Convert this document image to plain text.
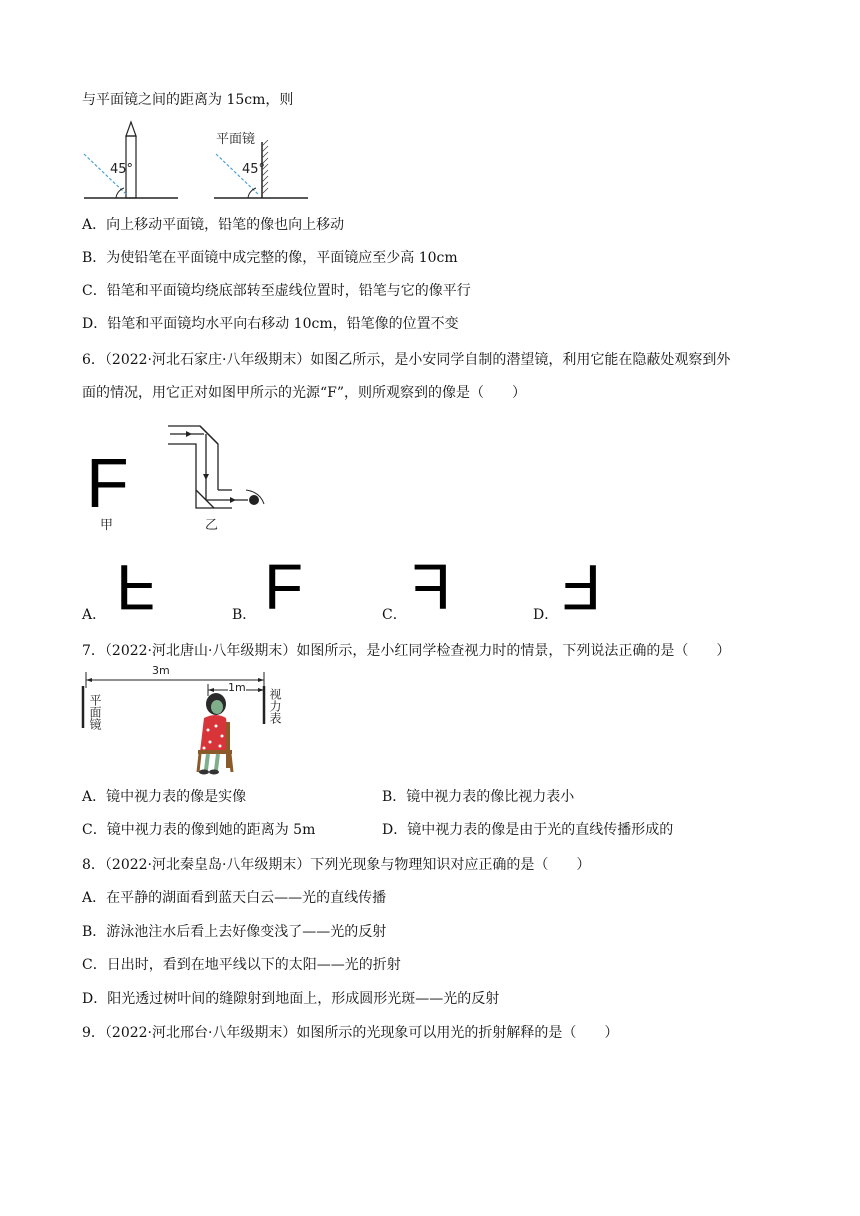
与平面镜之间的距离为 15cm，则
45°	45°
平面镜
A．向上移动平面镜，铅笔的像也向上移动
B．为使铅笔在平面镜中成完整的像，平面镜应至少高 10cm
C．铅笔和平面镜均绕底部转至虚线位置时，铅笔与它的像平行
D．铅笔和平面镜均水平向右移动 10cm，铅笔像的位置不变
6．（2022·河北石家庄·八年级期末）如图乙所示，是小安同学自制的潜望镜，利用它能在隐蔽处观察到外
面的情况，用它正对如图甲所示的光源“F”，则所观察到的像是（　　）
F
甲	乙
A． F	B． F	C． F	D． F
7．（2022·河北唐山·八年级期末）如图所示，是小红同学检查视力时的情景，下列说法正确的是（　　）
3m
1m
平面镜	视力表
A．镜中视力表的像是实像	B．镜中视力表的像比视力表小
C．镜中视力表的像到她的距离为 5m	D．镜中视力表的像是由于光的直线传播形成的
8．（2022·河北秦皇岛·八年级期末）下列光现象与物理知识对应正确的是（　　）
A．在平静的湖面看到蓝天白云——光的直线传播
B．游泳池注水后看上去好像变浅了——光的反射
C．日出时，看到在地平线以下的太阳——光的折射
D．阳光透过树叶间的缝隙射到地面上，形成圆形光斑——光的反射
9．（2022·河北邢台·八年级期末）如图所示的光现象可以用光的折射解释的是（　　）
